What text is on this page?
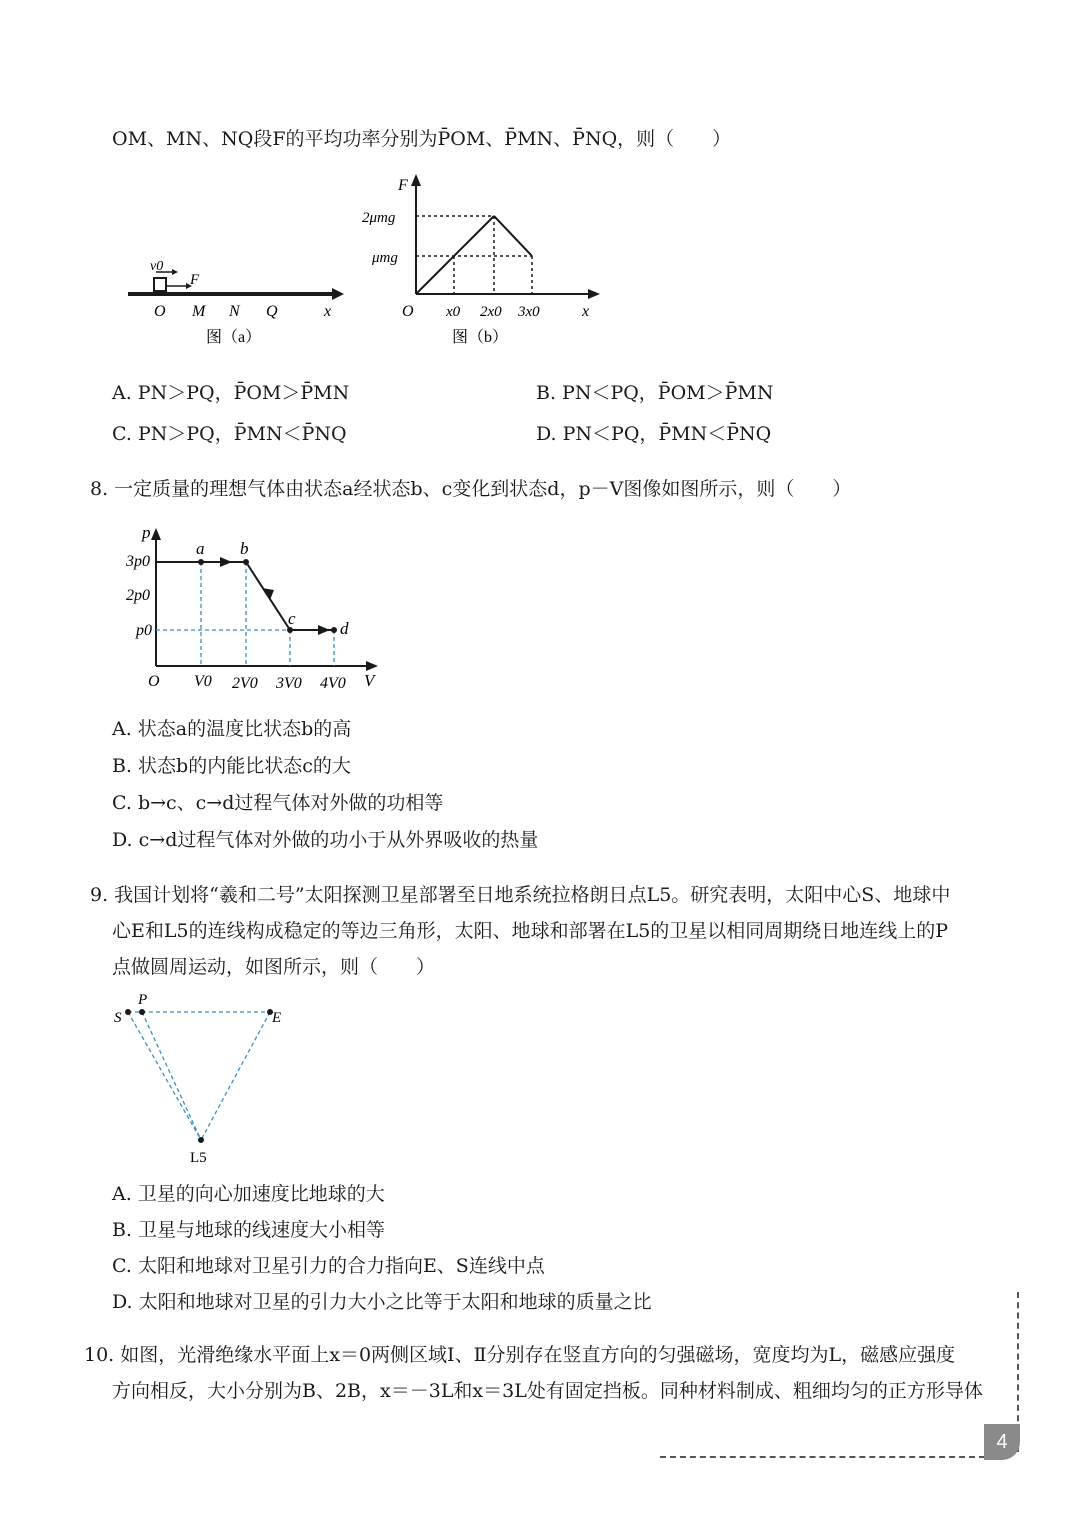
OM、MN、NQ段F的平均功率分别为P̄OM、P̄MN、P̄NQ，则（　　）
v0
F
O M N Q	x
图（a）
F
2μmg
μmg
O x0 2x0 3x0	x
图（b）
A. PN＞PQ，P̄OM＞P̄MN	B. PN＜PQ，P̄OM＞P̄MN
C. PN＞PQ，P̄MN＜P̄NQ	D. PN＜PQ，P̄MN＜P̄NQ
8. 一定质量的理想气体由状态a经状态b、c变化到状态d，p－V图像如图所示，则（　　）
p
3p0
2p0
p0
O V0 2V0 3V0 4V0 V
a b
c
d
A. 状态a的温度比状态b的高
B. 状态b的内能比状态c的大
C. b→c、c→d过程气体对外做的功相等
D. c→d过程气体对外做的功小于从外界吸收的热量
9. 我国计划将“羲和二号”太阳探测卫星部署至日地系统拉格朗日点L5。研究表明，太阳中心S、地球中
心E和L5的连线构成稳定的等边三角形，太阳、地球和部署在L5的卫星以相同周期绕日地连线上的P
点做圆周运动，如图所示，则（　　）
S
P
E
L5
A. 卫星的向心加速度比地球的大
B. 卫星与地球的线速度大小相等
C. 太阳和地球对卫星引力的合力指向E、S连线中点
D. 太阳和地球对卫星的引力大小之比等于太阳和地球的质量之比
10. 如图，光滑绝缘水平面上x＝0两侧区域Ⅰ、Ⅱ分别存在竖直方向的匀强磁场，宽度均为L，磁感应强度
方向相反，大小分别为B、2B，x＝－3L和x＝3L处有固定挡板。同种材料制成、粗细均匀的正方形导体
4
